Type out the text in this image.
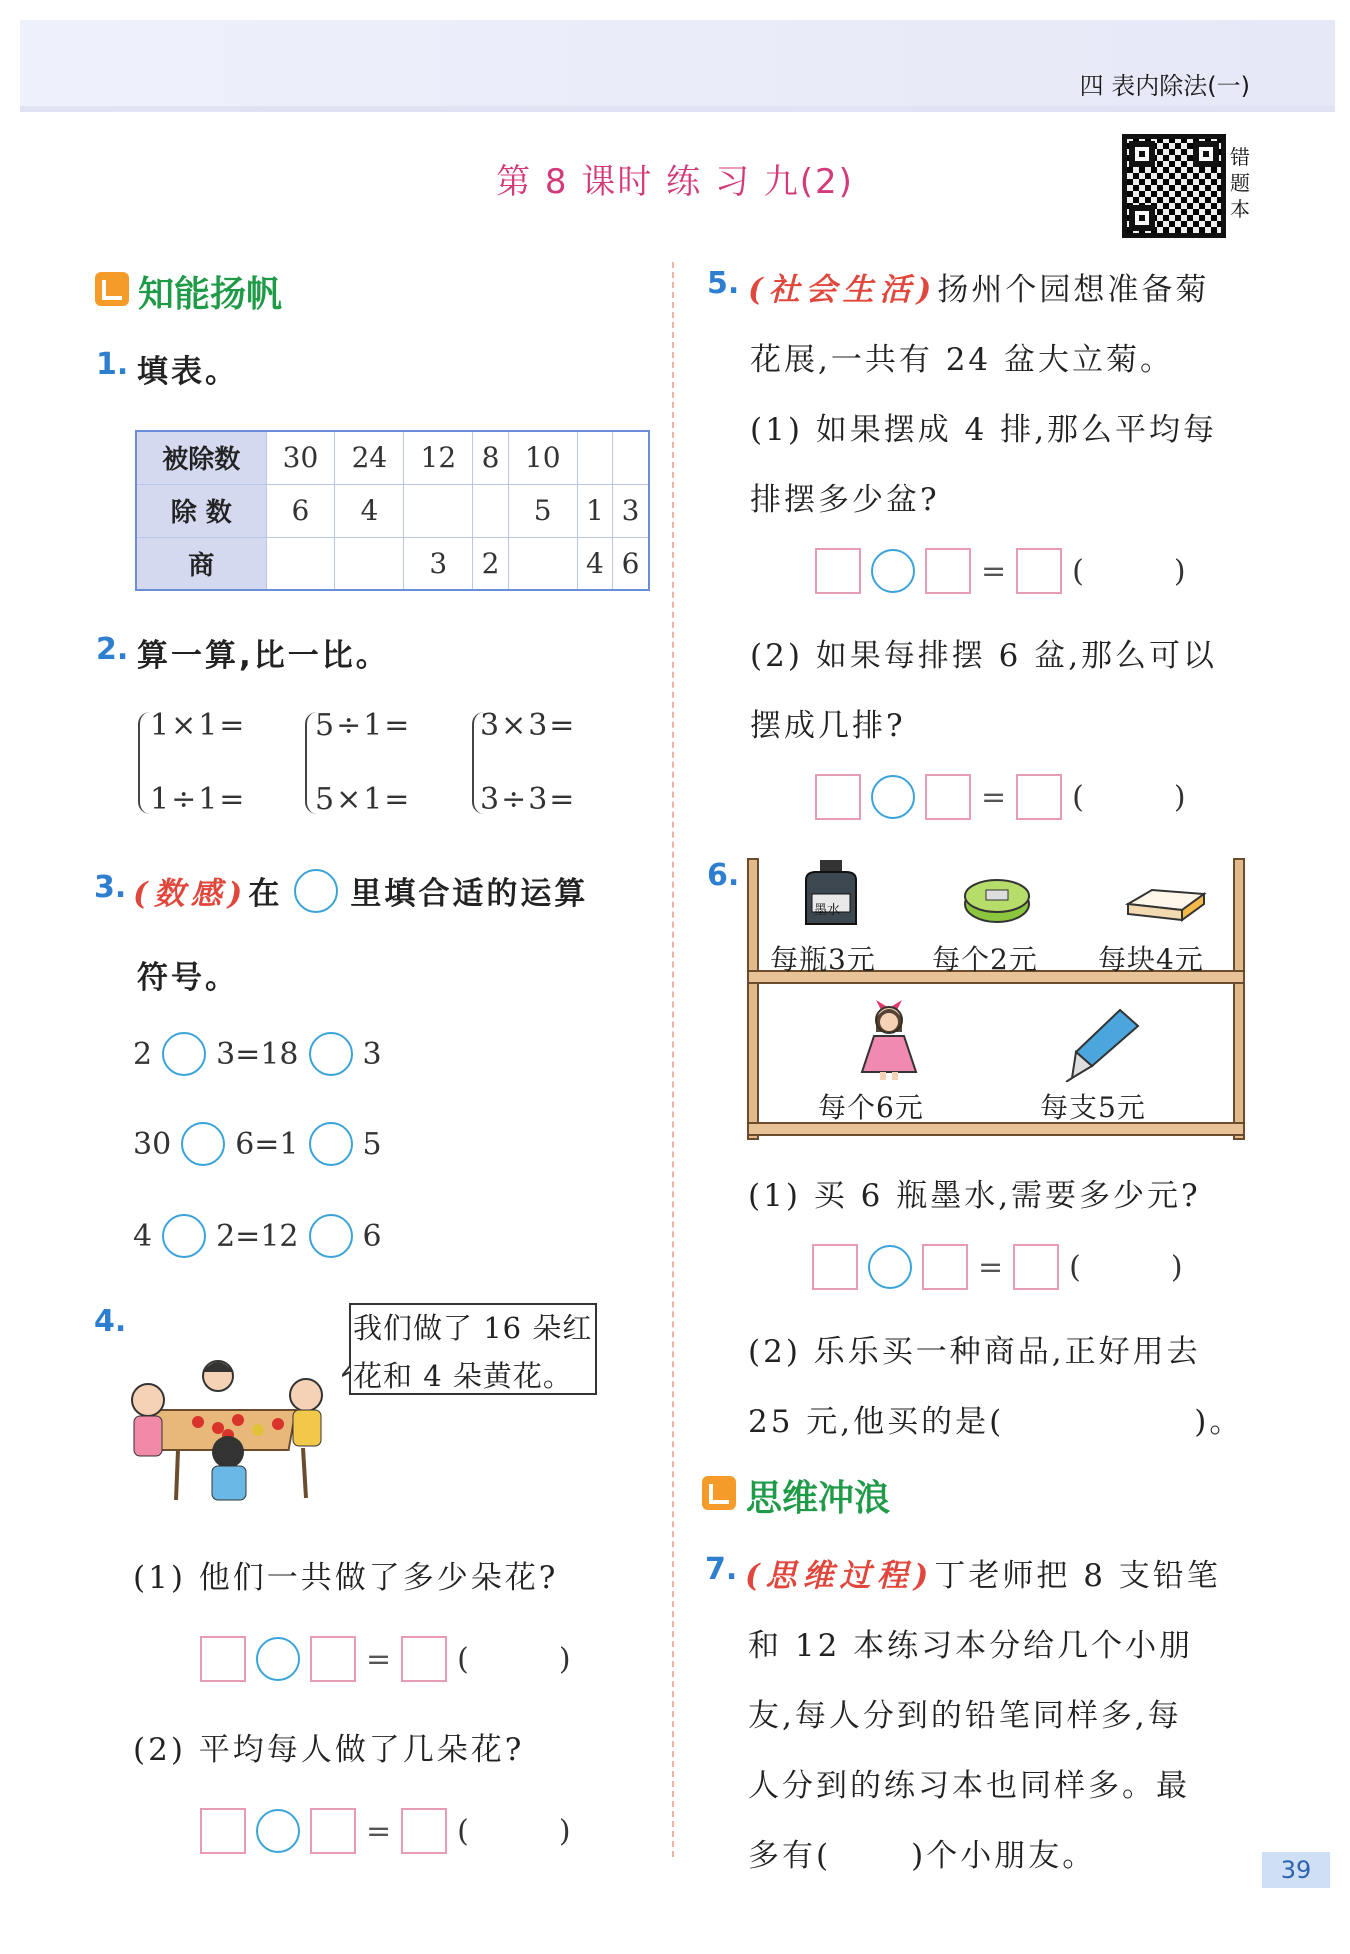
四 表内除法(一)
第 8 课时 练 习 九(2)
错题本
知能扬帆
1. 填表。
被除数	30	24	12	8	10		
除 数	6	4			5	1	3
商			3	2		4	6
2. 算一算,比一比。
1×1=
1÷1=
5÷1=
5×1=
3×3=
3÷3=
3. (数感) 在 里填合适的运算
符号。
2 3=18 3
30 6=1 5
4 2=12 6
4.	我们做了 16 朵红
花和 4 朵黄花。
(1) 他们一共做了多少朵花?
= (	)
(2) 平均每人做了几朵花?
= (	)
5. (社会生活)扬州个园想准备菊
花展,一共有 24 盆大立菊。
(1) 如果摆成 4 排,那么平均每
排摆多少盆?
= (	)
(2) 如果每排摆 6 盆,那么可以
摆成几排?
= (	)
6.
墨水
每瓶3元 每个2元 每块4元
每个6元	每支5元
(1) 买 6 瓶墨水,需要多少元?
= (	)
(2) 乐乐买一种商品,正好用去
25 元,他买的是(	)。
思维冲浪
7. (思维过程)丁老师把 8 支铅笔
和 12 本练习本分给几个小朋
友,每人分到的铅笔同样多,每
人分到的练习本也同样多。最
多有(	)个小朋友。	39
